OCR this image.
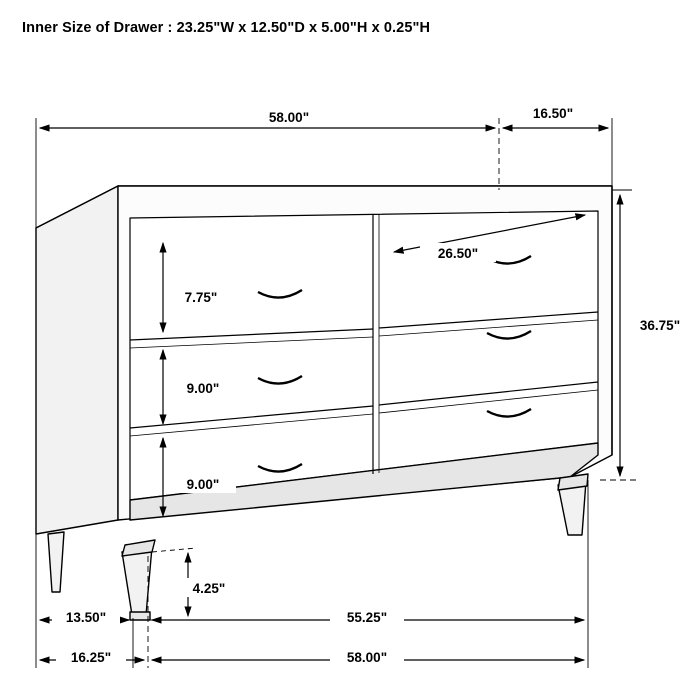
Inner Size of Drawer : 23.25"W x 12.50"D x 5.00"H x 0.25"H
58.00"	16.50"
26.50"
7.75"
9.00"
9.00"
36.75"
4.25"
13.50"	55.25"
16.25"	58.00"
